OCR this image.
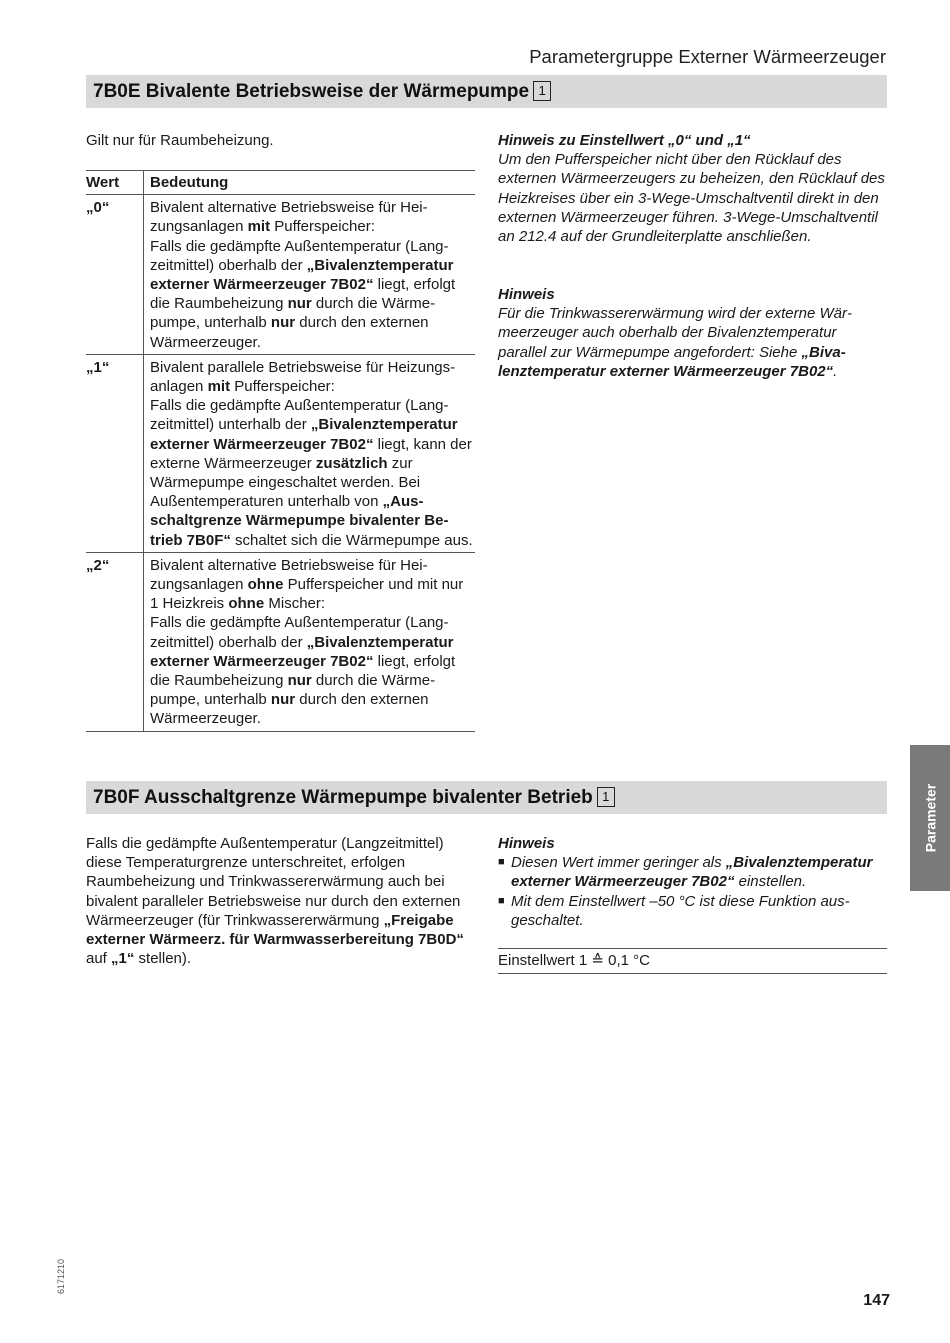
Parametergruppe Externer Wärmeerzeuger
7B0E Bivalente Betriebsweise der Wärmepumpe 1
Gilt nur für Raumbeheizung.
Wert	Bedeutung
„0“	Bivalent alternative Betriebsweise für Heizungsanlagen mit Pufferspeicher:

Falls die gedämpfte Außentemperatur (Langzeitmittel) oberhalb der „Bivalenztemperatur externer Wärmeerzeuger 7B02“ liegt, erfolgt die Raumbeheizung nur durch die Wärmepumpe, unterhalb nur durch den externen Wärmeerzeuger.

„1“	Bivalent parallele Betriebsweise für Heizungsanlagen mit Pufferspeicher:

Falls die gedämpfte Außentemperatur (Langzeitmittel) unterhalb der „Bivalenztemperatur externer Wärmeerzeuger 7B02“ liegt, kann der externe Wärmeerzeuger zusätzlich zur Wärmepumpe eingeschaltet werden. Bei Außentemperaturen unterhalb von „Ausschaltgrenze Wärmepumpe bivalenter Betrieb 7B0F“ schaltet sich die Wärmepumpe aus.

„2“	Bivalent alternative Betriebsweise für Heizungsanlagen ohne Pufferspeicher und mit nur 1 Heizkreis ohne Mischer:

Falls die gedämpfte Außentemperatur (Langzeitmittel) oberhalb der „Bivalenztemperatur externer Wärmeerzeuger 7B02“ liegt, erfolgt die Raumbeheizung nur durch die Wärmepumpe, unterhalb nur durch den externen Wärmeerzeuger.

Hinweis zu Einstellwert „0“ und „1“

Um den Pufferspeicher nicht über den Rücklauf des externen Wärmeerzeugers zu beheizen, den Rücklauf des Heizkreises über ein 3-Wege-Umschaltventil direkt in den externen Wärmeerzeuger führen. 3-Wege-Umschaltventil an 212.4 auf der Grundleiterplatte anschließen.

Hinweis

Für die Trinkwassererwärmung wird der externe Wärmeerzeuger auch oberhalb der Bivalenztemperatur parallel zur Wärmepumpe angefordert: Siehe „Bivalenztemperatur externer Wärmeerzeuger 7B02“.

7B0F Ausschaltgrenze Wärmepumpe bivalenter Betrieb 1
Falls die gedämpfte Außentemperatur (Langzeitmittel) diese Temperaturgrenze unterschreitet, erfolgen Raumbeheizung und Trinkwassererwärmung auch bei bivalent paralleler Betriebsweise nur durch den externen Wärmeerzeuger (für Trinkwassererwärmung „Freigabe externer Wärmeerz. für Warmwasserbereitung 7B0D“ auf „1“ stellen).

Hinweis

■ Diesen Wert immer geringer als „Bivalenztemperatur externer Wärmeerzeuger 7B02“ einstellen.
■ Mit dem Einstellwert –50 °C ist diese Funktion ausgeschaltet.
Einstellwert 1 ≙ 0,1 °C
Parameter
6171210
147
